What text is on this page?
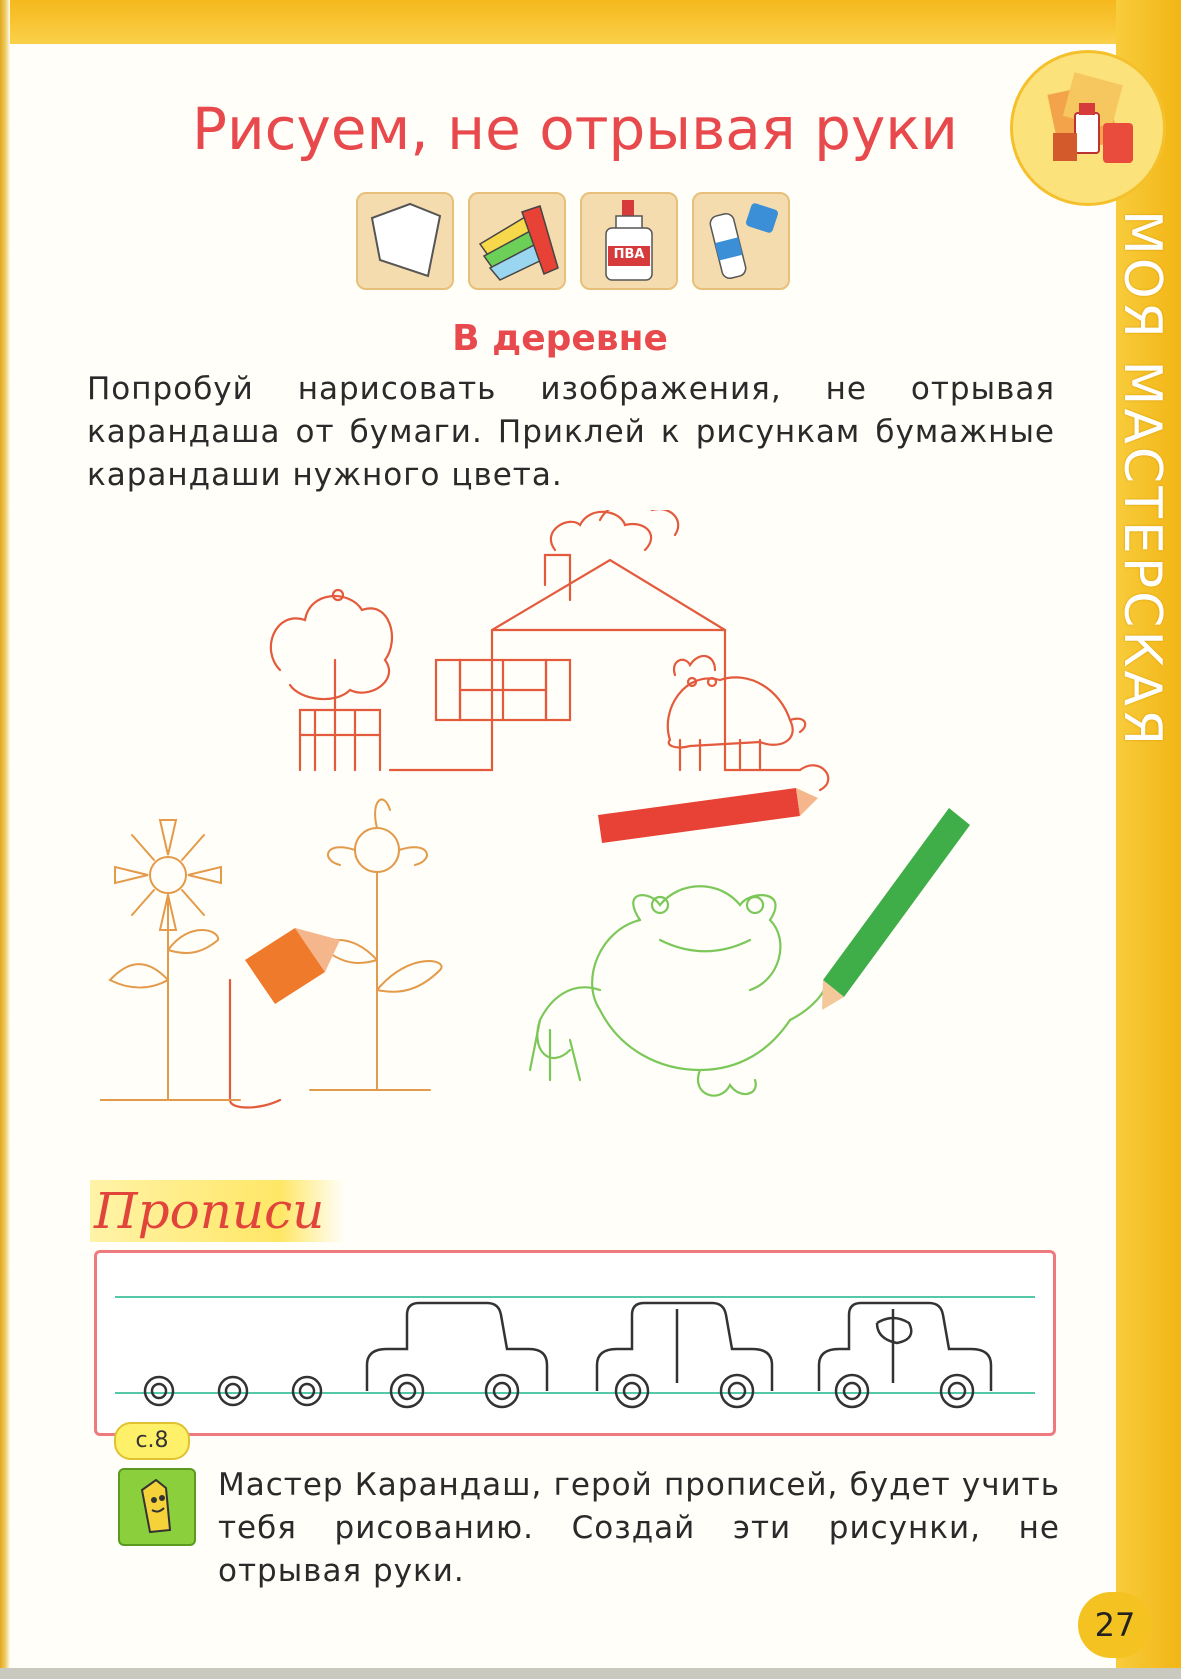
МОЯ МАСТЕРСКАЯ
Рисуем, не отрывая руки
ПВА
В деревне

Попробуй нарисовать изображения, не отрывая карандаша от бумаги. Приклей к рисункам бумажные карандаши нужного цвета.

Прописи
с.8

Мастер Карандаш, герой прописей, будет учить тебя рисованию. Создай эти рисунки, не отрывая руки.

27
